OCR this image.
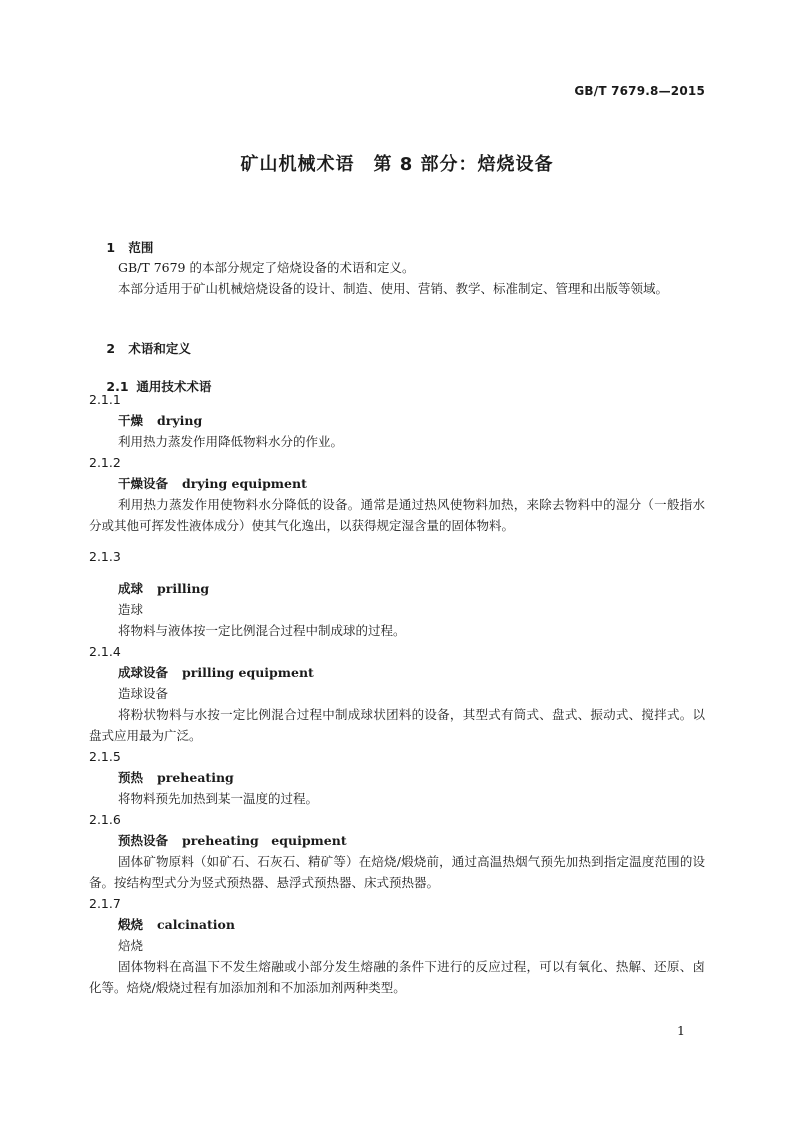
GB/T 7679.8—2015
矿山机械术语　第 8 部分：焙烧设备

1 范围

GB/T 7679 的本部分规定了焙烧设备的术语和定义。

本部分适用于矿山机械焙烧设备的设计、制造、使用、营销、教学、标准制定、管理和出版等领域。

2 术语和定义

2.1 通用技术术语

2.1.1
干燥 drying

利用热力蒸发作用降低物料水分的作业。

2.1.2
干燥设备 drying equipment

利用热力蒸发作用使物料水分降低的设备。通常是通过热风使物料加热，来除去物料中的湿分（一般指水分或其他可挥发性液体成分）使其气化逸出，以获得规定湿含量的固体物料。

2.1.3
成球 prilling
造球

将物料与液体按一定比例混合过程中制成球的过程。

2.1.4
成球设备 prilling equipment
造球设备

将粉状物料与水按一定比例混合过程中制成球状团料的设备，其型式有筒式、盘式、振动式、搅拌式。以盘式应用最为广泛。

2.1.5
预热 preheating

将物料预先加热到某一温度的过程。

2.1.6
预热设备 preheating　equipment

固体矿物原料（如矿石、石灰石、精矿等）在焙烧/煅烧前，通过高温热烟气预先加热到指定温度范围的设备。按结构型式分为竖式预热器、悬浮式预热器、床式预热器。

2.1.7
煅烧 calcination
焙烧

固体物料在高温下不发生熔融或小部分发生熔融的条件下进行的反应过程，可以有氧化、热解、还原、卤化等。焙烧/煅烧过程有加添加剂和不加添加剂两种类型。

1
